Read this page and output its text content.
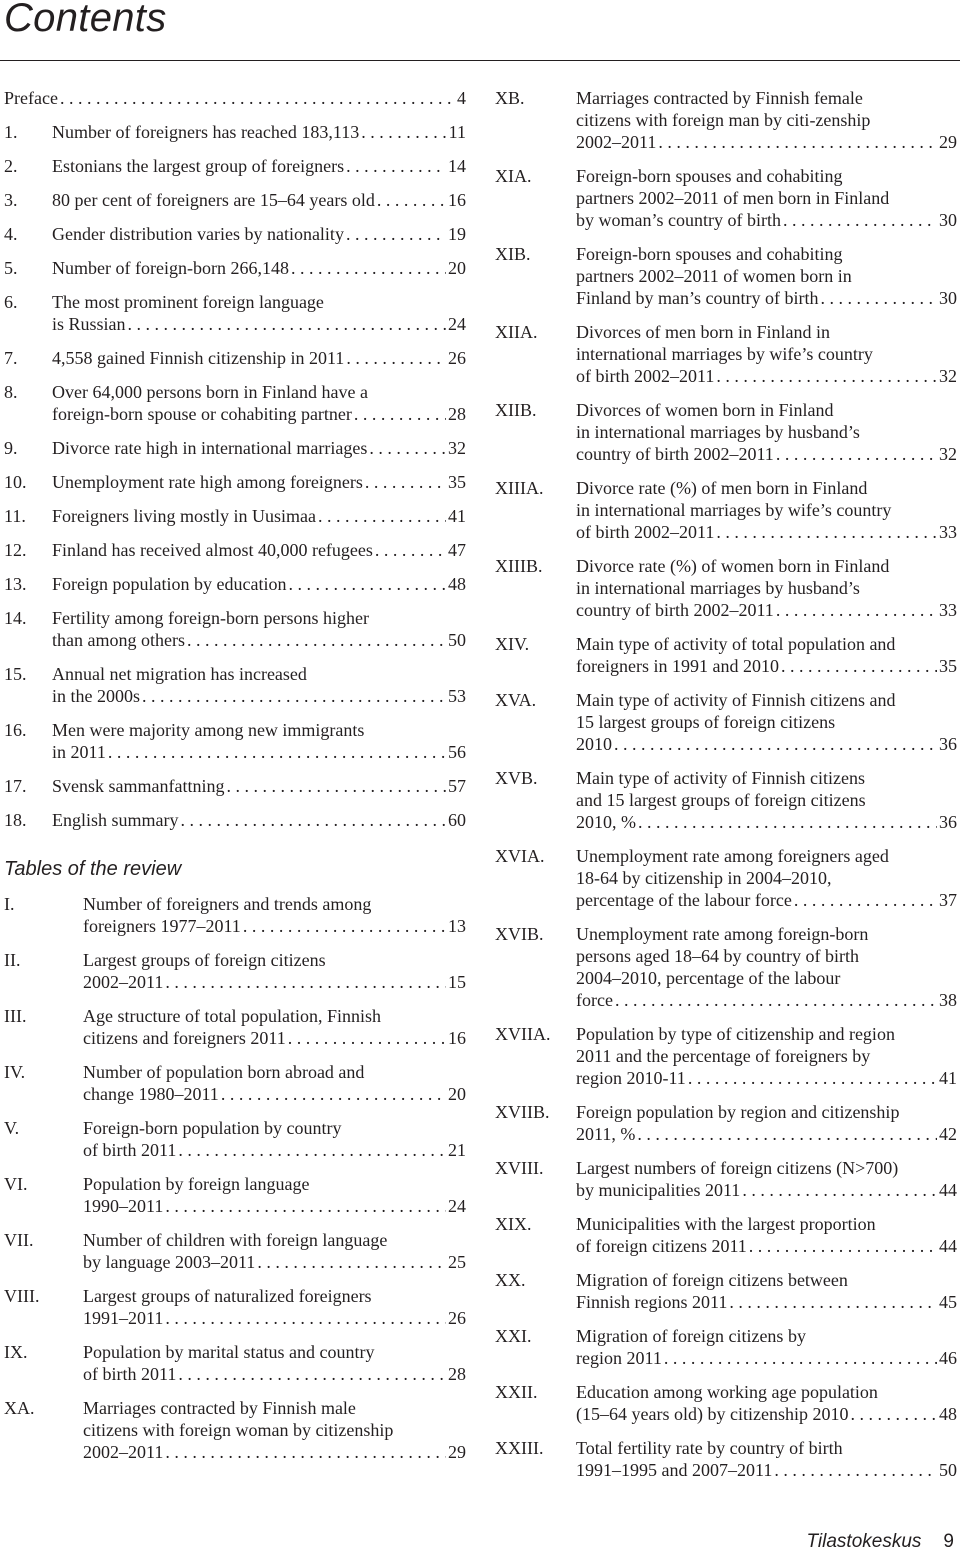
Contents
Preface . . .	4
1. Number of foreigners has reached 183,113 . . .	11
2. Estonians the largest group of foreigners . . .	14
3. 80 per cent of foreigners are 15–64 years old . . .	16
4. Gender distribution varies by nationality . . .	19
5. Number of foreign-born 266,148 . . .	20
6. The most prominent foreign language
is Russian . . .	24
7. 4,558 gained Finnish citizenship in 2011 . . .	26
8. Over 64,000 persons born in Finland have a
foreign-born spouse or cohabiting partner . . .	28
9. Divorce rate high in international marriages . . .	32
10. Unemployment rate high among foreigners . . .	35
11. Foreigners living mostly in Uusimaa . . .	41
12. Finland has received almost 40,000 refugees . . .	47
13. Foreign population by education . . .	48
14. Fertility among foreign-born persons higher
than among others . . .	50
15. Annual net migration has increased
in the 2000s . . .	53
16. Men were majority among new immigrants
in 2011 . . .	56
17. Svensk sammanfattning . . .	57
18. English summary . . .	60
Tables of the review
I.	Number of foreigners and trends among
foreigners 1977–2011 . . .	13
II.	Largest groups of foreign citizens
2002–2011 . . .	15
III.	Age structure of total population, Finnish
citizens and foreigners 2011 . . .	16
IV.	Number of population born abroad and
change 1980–2011 . . .	20
V.	Foreign-born population by country
of birth 2011 . . .	21
VI.	Population by foreign language
1990–2011 . . .	24
VII.	Number of children with foreign language
by language 2003–2011 . . .	25
VIII. Largest groups of naturalized foreigners
1991–2011 . . .	26
IX.	Population by marital status and country
of birth 2011 . . .	28
XA.	Marriages contracted by Finnish male
citizens with foreign woman by citizenship
2002–2011 . . .	29
XB.	Marriages contracted by Finnish female
citizens with foreign man by citi-zenship
2002–2011 . . .	29
XIA. Foreign-born spouses and cohabiting
partners 2002–2011 of men born in Finland
by woman’s country of birth . . .	30
XIB.	Foreign-born spouses and cohabiting
partners 2002–2011 of women born in
Finland by man’s country of birth . . .	30
XIIA. Divorces of men born in Finland in
international marriages by wife’s country
of birth 2002–2011 . . .	32
XIIB. Divorces of women born in Finland
in international marriages by husband’s
country of birth 2002–2011 . . .	32
XIIIA. Divorce rate (%) of men born in Finland
in international marriages by wife’s country
of birth 2002–2011 . . .	33
XIIIB. Divorce rate (%) of women born in Finland
in international marriages by husband’s
country of birth 2002–2011 . . .	33
XIV.	Main type of activity of total population and
foreigners in 1991 and 2010 . . .	35
XVA. Main type of activity of Finnish citizens and
15 largest groups of foreign citizens
2010 . . .	36
XVB. Main type of activity of Finnish citizens
and 15 largest groups of foreign citizens
2010, % . . .	36
XVIA. Unemployment rate among foreigners aged
18-64 by citizenship in 2004–2010,
percentage of the labour force . . .	37
XVIB. Unemployment rate among foreign-born
persons aged 18–64 by country of birth
2004–2010, percentage of the labour
force . . .	38
XVIIA. Population by type of citizenship and region
2011 and the percentage of foreigners by
region 2010-11 . . .	41
XVIIB. Foreign population by region and citizenship
2011, % . . .	42
XVIII. Largest numbers of foreign citizens (N>700)
by municipalities 2011 . . .	44
XIX. Municipalities with the largest proportion
of foreign citizens 2011 . . .	44
XX.	Migration of foreign citizens between
Finnish regions 2011 . . .	45
XXI. Migration of foreign citizens by
region 2011 . . .	46
XXII. Education among working age population
(15–64 years old) by citizenship 2010 . . .	48
XXIII. Total fertility rate by country of birth
1991–1995 and 2007–2011 . . .	50
Tilastokeskus 9
